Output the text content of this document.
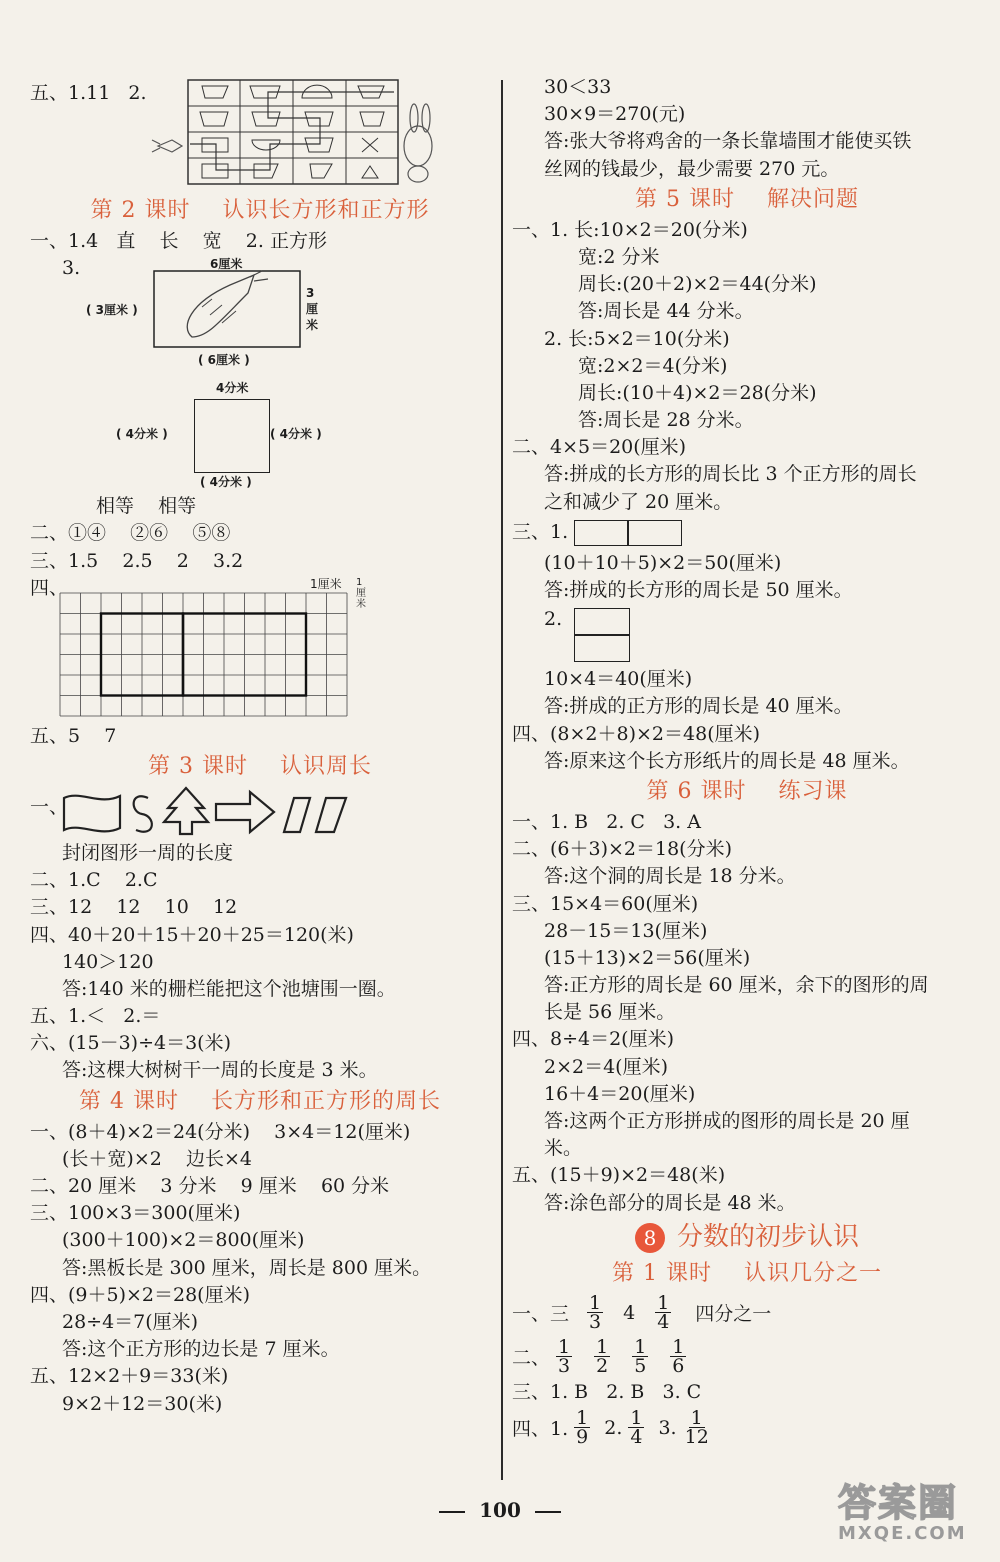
五、1.11   2.
第 2 课时    认识长方形和正方形
一、1.4   直    长    宽    2. 正方形
3.	6厘米
( 3厘米 )
3
厘
米
( 6厘米 )
4分米
( 4分米 )	( 4分米 )
( 4分米 )
相等    相等
二、①④    ②⑥    ⑤⑧
三、1.5    2.5    2    3.2
四、	1厘米 1
厘
米
五、5    7
第 3 课时    认识周长
一、
封闭图形一周的长度
二、1.C    2.C
三、12    12    10    12
四、40＋20＋15＋20＋25＝120(米)
140＞120
答:140 米的栅栏能把这个池塘围一圈。
五、1.＜   2.＝
六、(15－3)÷4＝3(米)
答:这棵大树树干一周的长度是 3 米。
第 4 课时    长方形和正方形的周长
一、(8＋4)×2＝24(分米)    3×4＝12(厘米)
(长＋宽)×2    边长×4
二、20 厘米    3 分米    9 厘米    60 分米
三、100×3＝300(厘米)
(300＋100)×2＝800(厘米)
答:黑板长是 300 厘米，周长是 800 厘米。
四、(9＋5)×2＝28(厘米)
28÷4＝7(厘米)
答:这个正方形的边长是 7 厘米。
五、12×2＋9＝33(米)
9×2＋12＝30(米)
30＜33
30×9＝270(元)
答:张大爷将鸡舍的一条长靠墙围才能使买铁
丝网的钱最少，最少需要 270 元。
第 5 课时    解决问题
一、1. 长:10×2＝20(分米)
宽:2 分米
周长:(20＋2)×2＝44(分米)
答:周长是 44 分米。
2. 长:5×2＝10(分米)
宽:2×2＝4(分米)
周长:(10＋4)×2＝28(分米)
答:周长是 28 分米。
二、4×5＝20(厘米)
答:拼成的长方形的周长比 3 个正方形的周长
之和减少了 20 厘米。
三、1.
(10＋10＋5)×2＝50(厘米)
答:拼成的长方形的周长是 50 厘米。
2.
10×4＝40(厘米)
答:拼成的正方形的周长是 40 厘米。
四、(8×2＋8)×2＝48(厘米)
答:原来这个长方形纸片的周长是 48 厘米。
第 6 课时    练习课
一、1. B   2. C   3. A
二、(6＋3)×2＝18(分米)
答:这个洞的周长是 18 分米。
三、15×4＝60(厘米)
28－15＝13(厘米)
(15＋13)×2＝56(厘米)
答:正方形的周长是 60 厘米，余下的图形的周
长是 56 厘米。
四、8÷4＝2(厘米)
2×2＝4(厘米)
16＋4＝20(厘米)
答:这两个正方形拼成的图形的周长是 20 厘
米。
五、(15＋9)×2＝48(米)
答:涂色部分的周长是 48 米。
8 分数的初步认识
第 1 课时    认识几分之一
一、三 $\frac{1}{3} 4 \frac{1}{4}$ 四分之一
二、 $\frac{1}{3} \frac{1}{2} \frac{1}{5} \frac{1}{6}$
三、1. B   2. B   3. C
四、1. $\frac{1}{9} 2$. $\frac{1}{4} 3$. $\frac{1}{12}$
100	答案圈
MXQE.COM
